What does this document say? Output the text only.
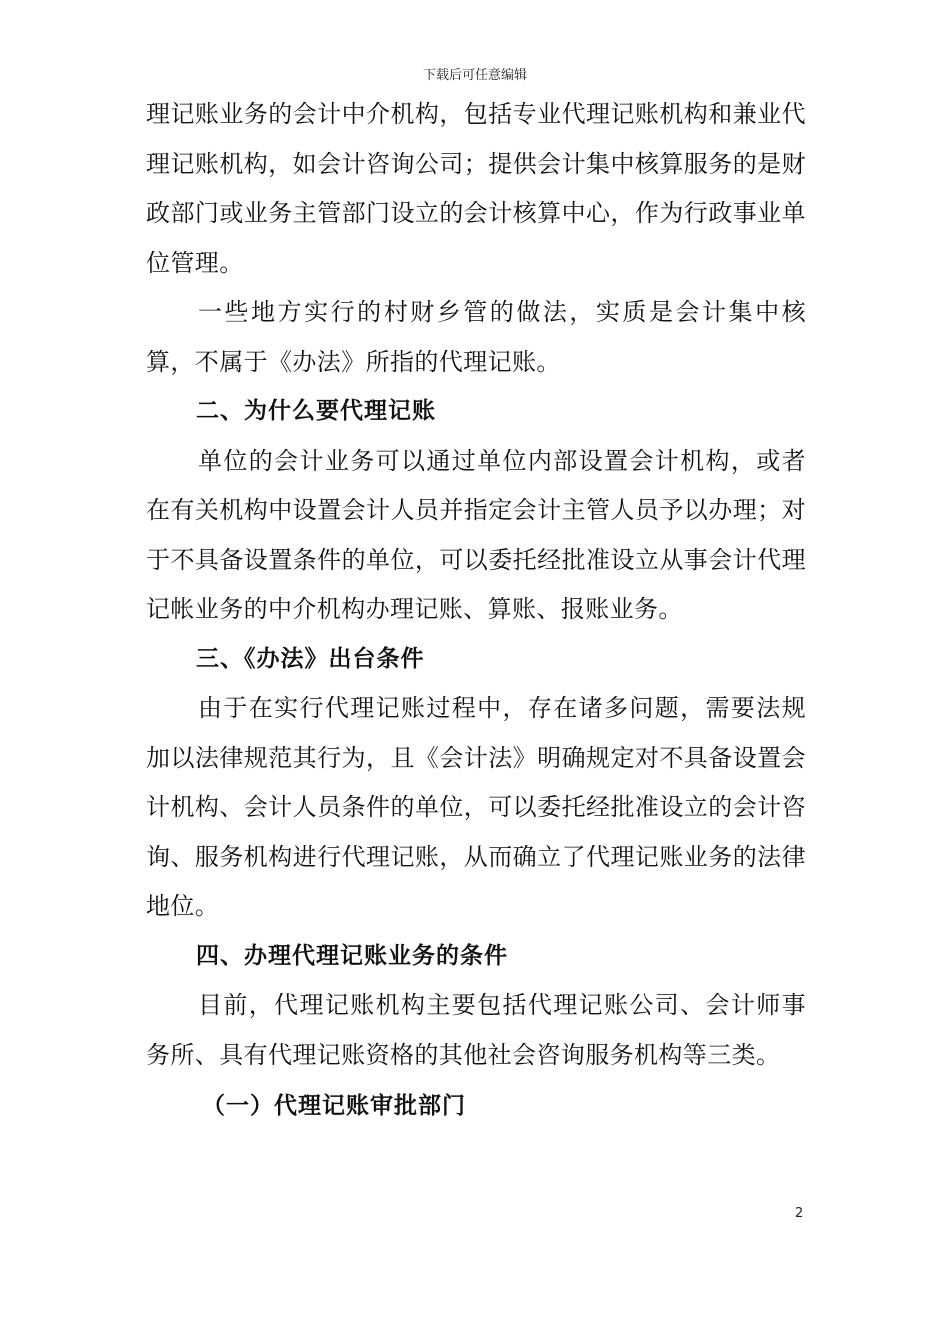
下载后可任意编辑

理记账业务的会计中介机构，包括专业代理记账机构和兼业代理记账机构，如会计咨询公司；提供会计集中核算服务的是财政部门或业务主管部门设立的会计核算中心，作为行政事业单位管理。

一些地方实行的村财乡管的做法，实质是会计集中核算，不属于《办法》所指的代理记账。

二、为什么要代理记账

单位的会计业务可以通过单位内部设置会计机构，或者在有关机构中设置会计人员并指定会计主管人员予以办理；对于不具备设置条件的单位，可以委托经批准设立从事会计代理记帐业务的中介机构办理记账、算账、报账业务。

三、《办法》出台条件

由于在实行代理记账过程中，存在诸多问题，需要法规加以法律规范其行为，且《会计法》明确规定对不具备设置会计机构、会计人员条件的单位，可以委托经批准设立的会计咨询、服务机构进行代理记账，从而确立了代理记账业务的法律地位。

四、办理代理记账业务的条件

目前，代理记账机构主要包括代理记账公司、会计师事务所、具有代理记账资格的其他社会咨询服务机构等三类。

（一）代理记账审批部门
2
